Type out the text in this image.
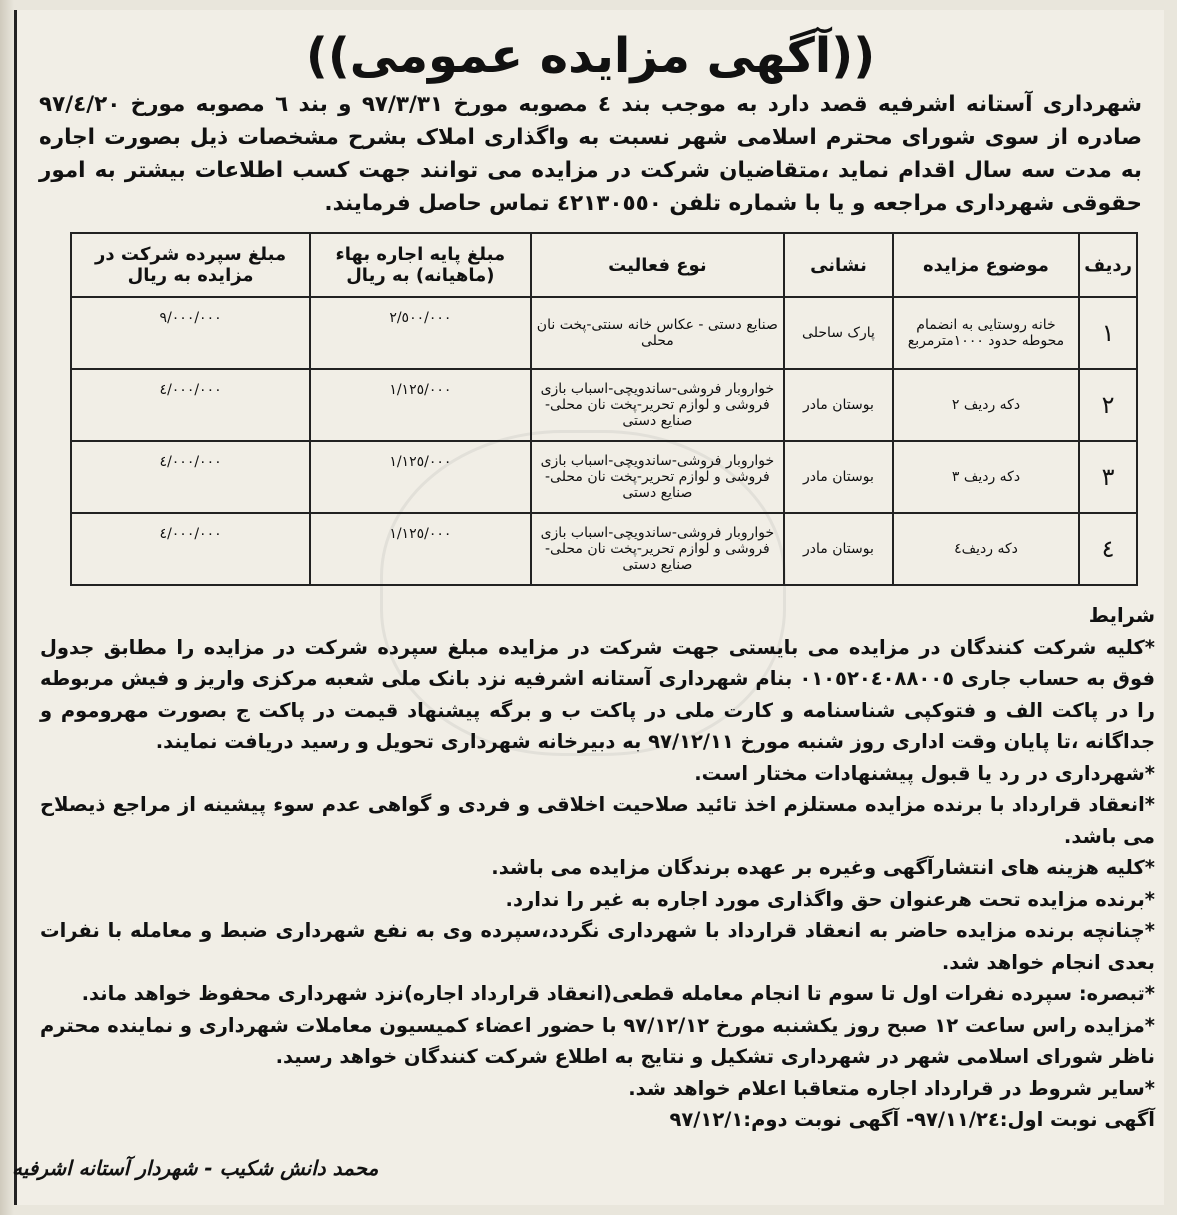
((آگهی مزایده عمومی))
شهرداری آستانه اشرفیه قصد دارد به موجب بند ٤ مصوبه مورخ ٩٧/٣/٣١ و بند ٦ مصوبه مورخ ٩٧/٤/٢٠ صادره از سوی شورای محترم اسلامی شهر نسبت به واگذاری املاک بشرح مشخصات ذیل بصورت اجاره به مدت سه سال اقدام نماید ،متقاضیان شرکت در مزایده می توانند جهت کسب اطلاعات بیشتر به امور حقوقی شهرداری مراجعه و یا با شماره تلفن ٤٢١٣٠٥٥٠ تماس حاصل فرمایند.
ردیف	موضوع مزایده	نشانی	نوع فعالیت	مبلغ پایه اجاره بهاء (ماهیانه) به ریال	مبلغ سپرده شرکت در مزایده به ریال
١	خانه روستایی به انضمام محوطه حدود ١٠٠٠مترمربع	پارک ساحلی	صنایع دستی - عکاس خانه سنتی-پخت نان محلی	٢/٥٠٠/٠٠٠	٩/٠٠٠/٠٠٠
٢	دکه ردیف ٢	بوستان مادر	خواروبار فروشی-ساندویچی-اسباب بازی فروشی و لوازم تحریر-پخت نان محلی-صنایع دستی	١/١٢٥/٠٠٠	٤/٠٠٠/٠٠٠
٣	دکه ردیف ٣	بوستان مادر	خواروبار فروشی-ساندویچی-اسباب بازی فروشی و لوازم تحریر-پخت نان محلی-صنایع دستی	١/١٢٥/٠٠٠	٤/٠٠٠/٠٠٠
٤	دکه ردیف٤	بوستان مادر	خواروبار فروشی-ساندویچی-اسباب بازی فروشی و لوازم تحریر-پخت نان محلی-صنایع دستی	١/١٢٥/٠٠٠	٤/٠٠٠/٠٠٠

شرایط

*کلیه شرکت کنندگان در مزایده می بایستی جهت شرکت در مزایده مبلغ سپرده شرکت در مزایده را مطابق جدول فوق به حساب جاری ٠١٠٥٢٠٤٠٨٨٠٠٥ بنام شهرداری آستانه اشرفیه نزد بانک ملی شعبه مرکزی واریز و فیش مربوطه را در پاکت الف و فتوکپی شناسنامه و کارت ملی در پاکت ب و برگه پیشنهاد قیمت در پاکت ج بصورت مهروموم و جداگانه ،تا پایان وقت اداری روز شنبه مورخ ٩٧/١٢/١١ به دبیرخانه شهرداری تحویل و رسید دریافت نمایند.

*شهرداری در رد یا قبول پیشنهادات مختار است.

*انعقاد قرارداد با برنده مزایده مستلزم اخذ تائید صلاحیت اخلاقی و فردی و گواهی عدم سوء پیشینه از مراجع ذیصلاح می باشد.

*کلیه هزینه های انتشارآگهی وغیره بر عهده برندگان مزایده می باشد.

*برنده مزایده تحت هرعنوان حق واگذاری مورد اجاره به غیر را ندارد.

*چنانچه برنده مزایده حاضر به انعقاد قرارداد با شهرداری نگردد،سپرده وی به نفع شهرداری ضبط و معامله با نفرات بعدی انجام خواهد شد.

*تبصره: سپرده نفرات اول تا سوم تا انجام معامله قطعی(انعقاد قرارداد اجاره)نزد شهرداری محفوظ خواهد ماند.

*مزایده راس ساعت ١٢ صبح روز یکشنبه مورخ ٩٧/١٢/١٢ با حضور اعضاء کمیسیون معاملات شهرداری و نماینده محترم ناظر شورای اسلامی شهر در شهرداری تشکیل و نتایج به اطلاع شرکت کنندگان خواهد رسید.

*سایر شروط در قرارداد اجاره متعاقبا اعلام خواهد شد.

آگهی نوبت اول:٩٧/١١/٢٤- آگهی نوبت دوم:٩٧/١٢/١

محمد دانش شکیب - شهردار آستانه اشرفیه
